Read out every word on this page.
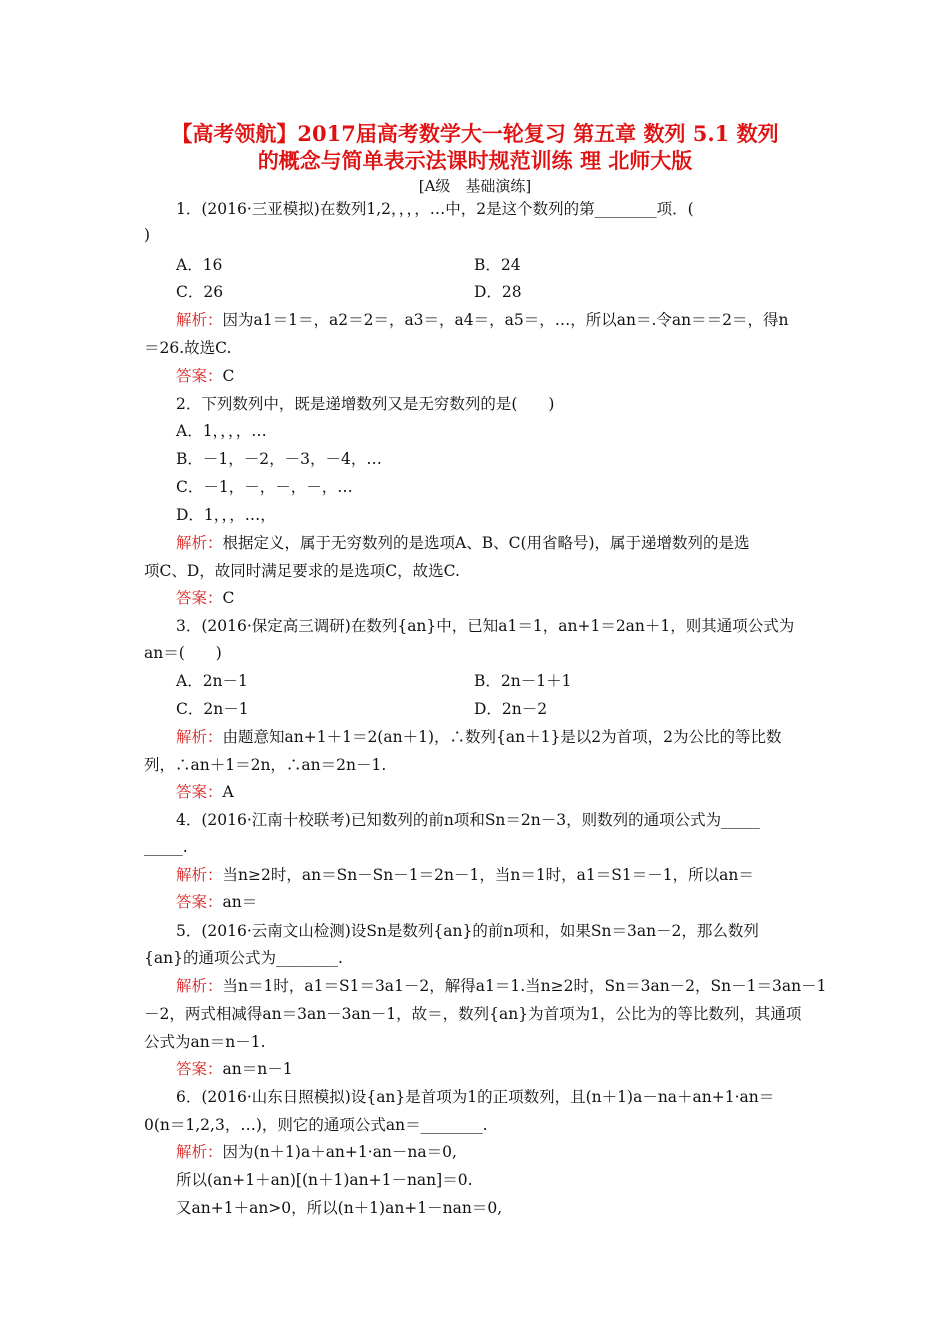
【高考领航】2017届高考数学大一轮复习 第五章 数列 5.1 数列
的概念与简单表示法课时规范训练 理 北师大版
[A级　基础演练]
1．(2016·三亚模拟)在数列1,2，，，，…中，2是这个数列的第________项．(
)
A．16	B．24
C．26	D．28
解析：因为a1＝1＝，a2＝2＝，a3＝，a4＝，a5＝，…，所以an＝.令an＝＝2＝，得n
＝26.故选C.
答案：C
2．下列数列中，既是递增数列又是无穷数列的是(　　)
A．1，，，，…
B．－1，－2，－3，－4，…
C．－1，－，－，－，…
D．1，，，…，
解析：根据定义，属于无穷数列的是选项A、B、C(用省略号)，属于递增数列的是选
项C、D，故同时满足要求的是选项C，故选C.
答案：C
3．(2016·保定高三调研)在数列{an}中，已知a1＝1，an+1＝2an＋1，则其通项公式为
an＝(　　)
A．2n－1	B．2n－1＋1
C．2n－1	D．2n－2
解析：由题意知an+1＋1＝2(an＋1)，∴数列{an＋1}是以2为首项，2为公比的等比数
列，∴an＋1＝2n，∴an＝2n－1.
答案：A
4．(2016·江南十校联考)已知数列的前n项和Sn＝2n－3，则数列的通项公式为_____
_____.
解析：当n≥2时，an＝Sn－Sn－1＝2n－1，当n＝1时，a1＝S1＝－1，所以an＝
答案：an＝
5．(2016·云南文山检测)设Sn是数列{an}的前n项和，如果Sn＝3an－2，那么数列
{an}的通项公式为________.
解析：当n＝1时，a1＝S1＝3a1－2，解得a1＝1.当n≥2时，Sn＝3an－2，Sn－1＝3an－1
－2，两式相减得an＝3an－3an－1，故＝，数列{an}为首项为1，公比为的等比数列，其通项
公式为an＝n－1.
答案：an＝n－1
6．(2016·山东日照模拟)设{an}是首项为1的正项数列，且(n＋1)a－na＋an+1·an＝
0(n＝1,2,3，…)，则它的通项公式an＝________.
解析：因为(n＋1)a＋an+1·an－na＝0,
所以(an+1＋an)[(n＋1)an+1－nan]＝0.
又an+1＋an>0，所以(n＋1)an+1－nan＝0,
